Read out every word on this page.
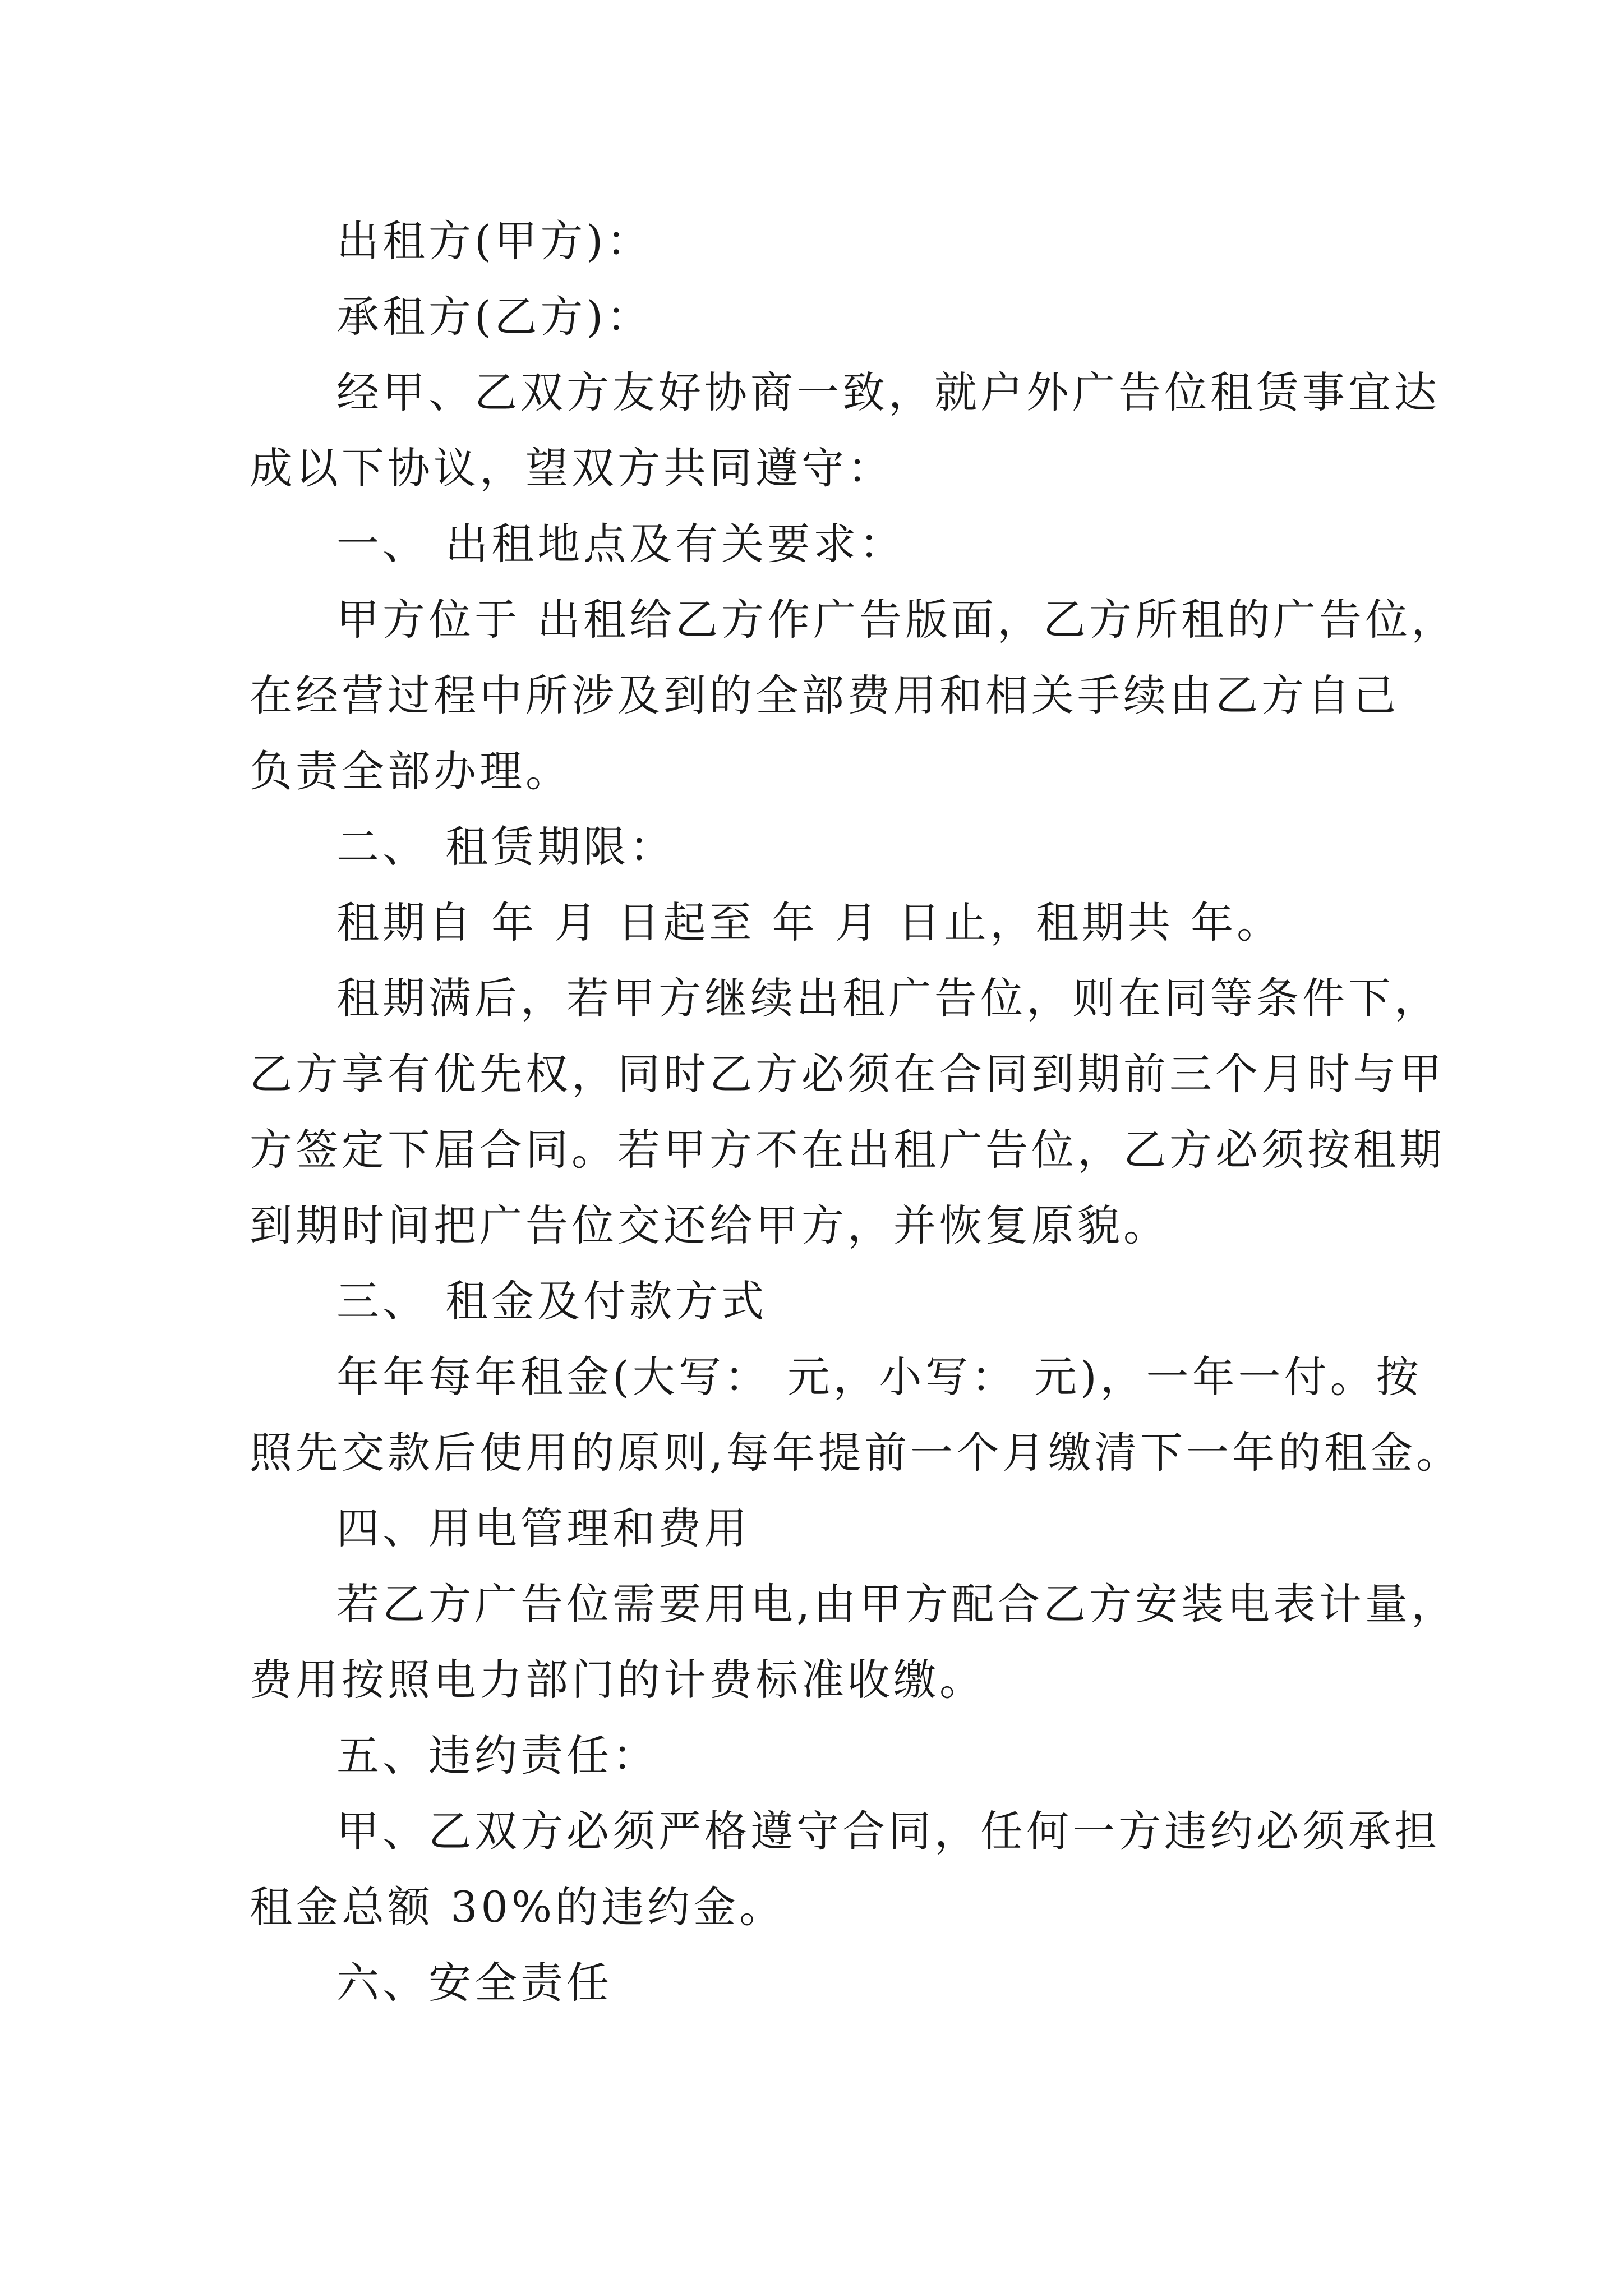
出租方(甲方)：
承租方(乙方)：
经甲、乙双方友好协商一致，就户外广告位租赁事宜达
成以下协议，望双方共同遵守：
一、 出租地点及有关要求：
甲方位于 出租给乙方作广告版面，乙方所租的广告位，
在经营过程中所涉及到的全部费用和相关手续由乙方自己
负责全部办理。
二、 租赁期限：
租期自 年 月 日起至 年 月 日止，租期共 年。
租期满后，若甲方继续出租广告位，则在同等条件下，
乙方享有优先权，同时乙方必须在合同到期前三个月时与甲
方签定下届合同。若甲方不在出租广告位，乙方必须按租期
到期时间把广告位交还给甲方，并恢复原貌。
三、 租金及付款方式
年年每年租金(大写： 元，小写： 元)，一年一付。按
照先交款后使用的原则,每年提前一个月缴清下一年的租金。
四、用电管理和费用
若乙方广告位需要用电,由甲方配合乙方安装电表计量，
费用按照电力部门的计费标准收缴。
五、违约责任：
甲、乙双方必须严格遵守合同，任何一方违约必须承担
租金总额 30%的违约金。
六、安全责任
